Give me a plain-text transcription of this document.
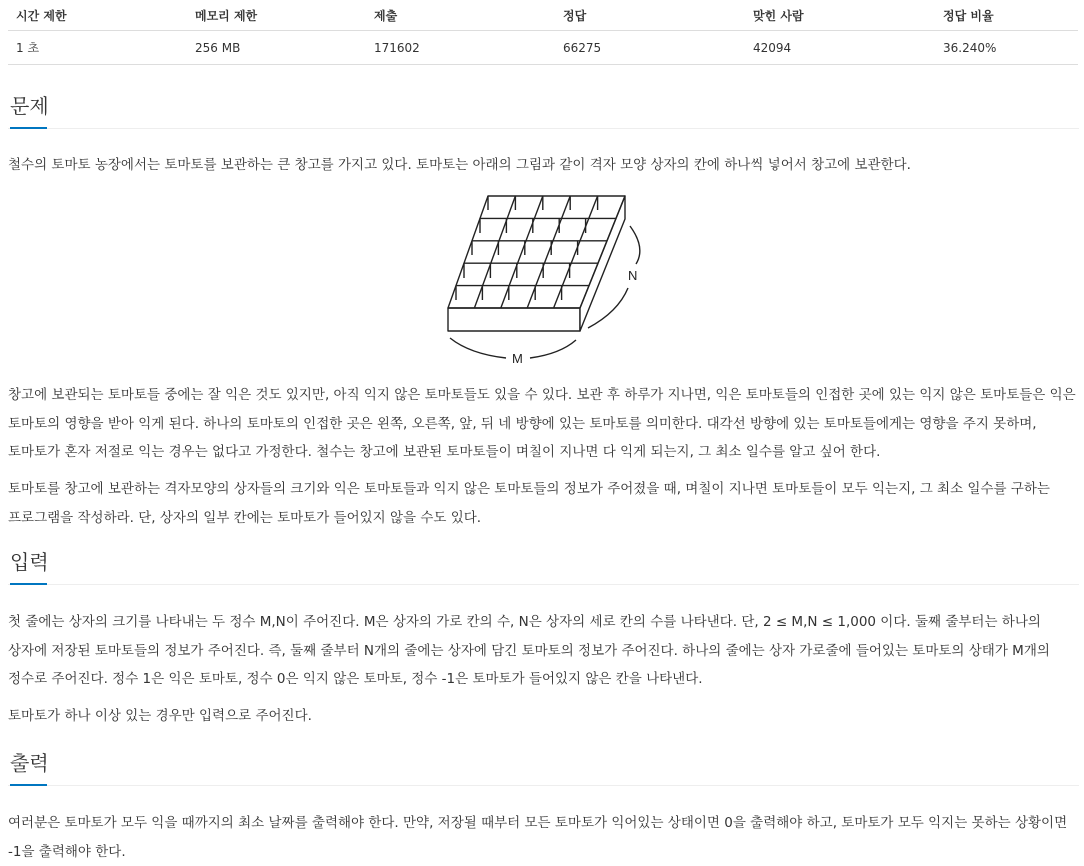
시간 제한	메모리 제한	제출	정답	맞힌 사람	정답 비율
1 초	256 MB	171602	66275	42094	36.240%
문제

철수의 토마토 농장에서는 토마토를 보관하는 큰 창고를 가지고 있다. 토마토는 아래의 그림과 같이 격자 모양 상자의 칸에 하나씩 넣어서 창고에 보관한다.

N
M

창고에 보관되는 토마토들 중에는 잘 익은 것도 있지만, 아직 익지 않은 토마토들도 있을 수 있다. 보관 후 하루가 지나면, 익은 토마토들의 인접한 곳에 있는 익지 않은 토마토들은 익은 토마토의 영향을 받아 익게 된다. 하나의 토마토의 인접한 곳은 왼쪽, 오른쪽, 앞, 뒤 네 방향에 있는 토마토를 의미한다. 대각선 방향에 있는 토마토들에게는 영향을 주지 못하며, 토마토가 혼자 저절로 익는 경우는 없다고 가정한다. 철수는 창고에 보관된 토마토들이 며칠이 지나면 다 익게 되는지, 그 최소 일수를 알고 싶어 한다.

토마토를 창고에 보관하는 격자모양의 상자들의 크기와 익은 토마토들과 익지 않은 토마토들의 정보가 주어졌을 때, 며칠이 지나면 토마토들이 모두 익는지, 그 최소 일수를 구하는 프로그램을 작성하라. 단, 상자의 일부 칸에는 토마토가 들어있지 않을 수도 있다.

입력

첫 줄에는 상자의 크기를 나타내는 두 정수 M,N이 주어진다. M은 상자의 가로 칸의 수, N은 상자의 세로 칸의 수를 나타낸다. 단, 2 ≤ M,N ≤ 1,000 이다. 둘째 줄부터는 하나의 상자에 저장된 토마토들의 정보가 주어진다. 즉, 둘째 줄부터 N개의 줄에는 상자에 담긴 토마토의 정보가 주어진다. 하나의 줄에는 상자 가로줄에 들어있는 토마토의 상태가 M개의 정수로 주어진다. 정수 1은 익은 토마토, 정수 0은 익지 않은 토마토, 정수 -1은 토마토가 들어있지 않은 칸을 나타낸다.

토마토가 하나 이상 있는 경우만 입력으로 주어진다.

출력

여러분은 토마토가 모두 익을 때까지의 최소 날짜를 출력해야 한다. 만약, 저장될 때부터 모든 토마토가 익어있는 상태이면 0을 출력해야 하고, 토마토가 모두 익지는 못하는 상황이면 -1을 출력해야 한다.
